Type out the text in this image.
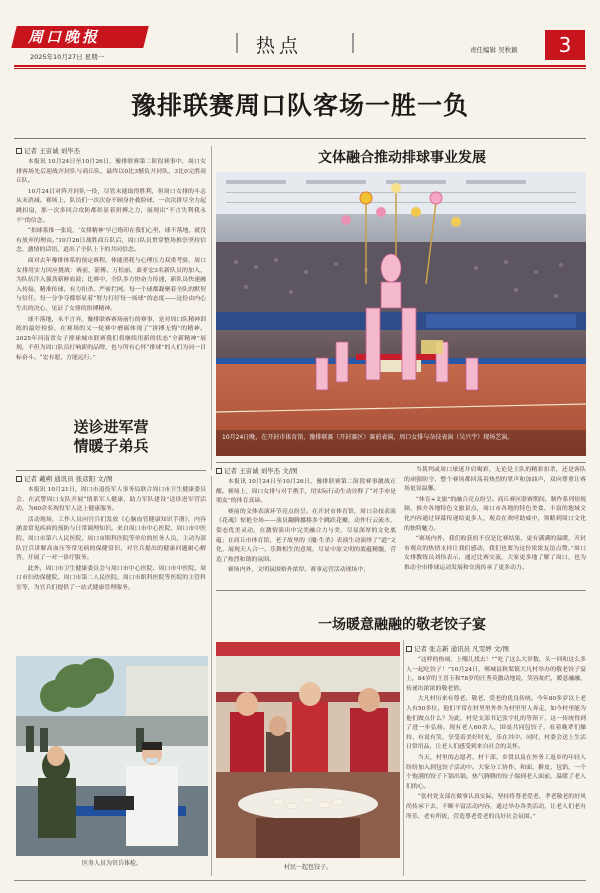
周口晚报
2025年10月27日 星期一	热点	责任编辑 吴秋颖	3
豫排联赛周口队客场一胜一负
记者 王宙诚 刘毕杰

本报讯 10月24日至10月26日，豫排联赛第二阶段赛事中，周口女排客场先后迎战开封队与商丘队，最终以0比3憾负开封队、3比0完胜商丘队。

10月24日对阵开封队一役，尽管未能取得胜利，但周口女排的斗志从未消减。赛场上，队员们一次次奋不顾身扑救险球，一次次拼尽全力起跳扣扇，那一次多回合攻防都彰显着拼搏之力，展现出“不言失利我永不”的信念。

“拍球系推一张说，‘女排精神’早已烙印在我们心里，球不落地，就没有放弃的理由。”10月26日战胜商丘队后，周口队员贯穿整场推崇坚持信念，激情的话语，道出了全队上下的共同信念。

面对去年豫排体系的预定赛程，体能消耗与心理压力双重考验，周口女排用实力回应挑战：赛前，箭傅、万松丽、桑亚宏3名新队员的加入，为队伍注入强劲新鲜血液；比赛中，全队多方协奋力传递，新队员快速融入传接，精准传球、有力扣杀、严密拦网，每一个球都凝聚着全队的默契与信任。每一分争夺都彰显着“努力打好每一场球”的态度——这份由内心生出的决心，见证了女排的拼搏精神。

球不落地，永不言弃。豫排联赛赛场前行的赛事，是对周口队精神训练的最好检验，在赛场的又一轮赛中磨砺体现了“拼搏无悔”的精神。2025年河南省女子排球城市联赛我们将继续用新的状态“全新精神”展现，不但为周口队员打响新的品牌，也与所有心怀“排球”的人们为同一目标奋斗。“宏有愿，方能远行。”

文体融合推动排球事业发展
10月24日晚，在开封市体育馆，豫排联赛（开封赛区）赛前表演，周口女排与杂技表演（吴兴宇）现场艺演。
送诊进军营
情暖子弟兵
记者 戴朔 通讯员 张彦阳 文/图

本报讯 10月21日，周口市退役军人事务局联合周口市卫生健康委员会，在武警周口支队开展“情系军人健康，助力军队建设”送诊进军营活动，为60余名现役军人送上健康服务。

活动现场，工作人员向官兵们发放《心脑血管健康知识手册》，内容涵盖常见疾病的预防与日常调理知识。来自周口市中心医院、周口市中医院、周口市第六人民医院、周口市眼科医院等单位的医务人员，主动为部队官兵讲解高血压等常见病的保健常识，对官兵提出的健康问题耐心解答，开展了一对一诊疗服务。

此外，周口市卫生健康委员会与周口市中心医院、周口市中医院、周口市妇幼保健院、周口市第二人民医院、周口市眼科医院等医院的主管科室等，为官兵们提供了一站式健康管理服务。

医务人员为官兵体检。
记者 王宙诚 刘毕杰 文/图

本报讯 10月24日至10月26日，豫排联赛第二阶段赛事激战正酣。赛场上，周口女排与对手携手，用实际行动生动诠释了“对手亦是朋友”的体育真谛。

赛前的文体表演环节亮点纷呈。在开封市体育馆，周口杂技表演《花魂》惊艳全场——演员翻腾挪移多个跳跃花瓣，动作行云流水，姿态优美灵动，在激情演出中完美融合力与美，尽显深厚的文化底蕴；在商丘市体育馆，老子故里的《魔·生杀》表演生动演绎了“道”文化，展现天人合一、乐舞相生的意境，尽显中原文明的底蕴精髓，营造了热烈和谐的氛围。

赛场内外，文明氛围格外浓厚。赛事运营活动现场中，

当裁判或周口球迷并肩喝彩，无论是主队的精彩扣杀，还是客队的顽强防守，整个赛场都回荡着热烈的掌声和加油声，双向尊重让赛场更显温馨。

“体育+文旅”的融合亮点纷呈。商丘赛区联赛期间，制作系列短视频，推介各地特色文旅景点，周口市各地的特色美食、丰富的地域文化内容通过屏幕传递给更多人，观众在欢呼助威中，领略到周口文化的独特魅力。

“赛场内外，我们收获的不仅是比赛结果，更有满满的温暖，开封市观众的热情支持让我们感动，我们也要为这份浓浓友谊点赞。”周口女排教练员刘伟表示，通过比赛交流，大家更多地了解了周口，也为推动全市排球运动发展和交流传承了更多动力。

一场暖意融融的敬老饺子宴
村民一起包饺子。
记者 张志新 通讯员 凡雯婷 文/图

“这样的热闹，上哪儿找去！”“吃了这么大岁数，头一回和这么多人一起吃饺子！”10月24日，郸城县秋渠镇大凡村举办的敬老饺子宴上，84岁的王喜玉和78岁的汪秀英激动地说，笑容灿烂，暖意融融，传递出浓浓的敬老情。

大凡村历来有尊老、敬老、爱老的优良传统。今年80多岁以上老人有50多位，他们平常在村里里外外为村里里人奔走，如今村里能为他们做点什么？为此，村党支部书记张宇扎的等领下，这一传统得到了进一步弘扬。现有老人60余人，围桌共同包饺子，看着晚辈们操持、有说有笑，享受着美好时光，乐在其中。同时，村委会送上生活日常用品，让老人们感受到来自社会的关怀。

当天，村里的志愿者、村干部、乡贤以及在外务工返乡的年轻人纷纷加入到包饺子活动中。大家分工协作，和面、擀皮、包馅，一个个饱满的饺子下锅出锅，热气腾腾的饺子端到老人面前，温暖了老人们的心。

“张村党支部在做事认真实际，坚持将尊老爱老、孝老敬老的好风尚传承下去，不断丰富活动内容，通过举办各类活动，让老人们老有所乐、老有所依，营造尊老爱老的良好社会氛围。”
